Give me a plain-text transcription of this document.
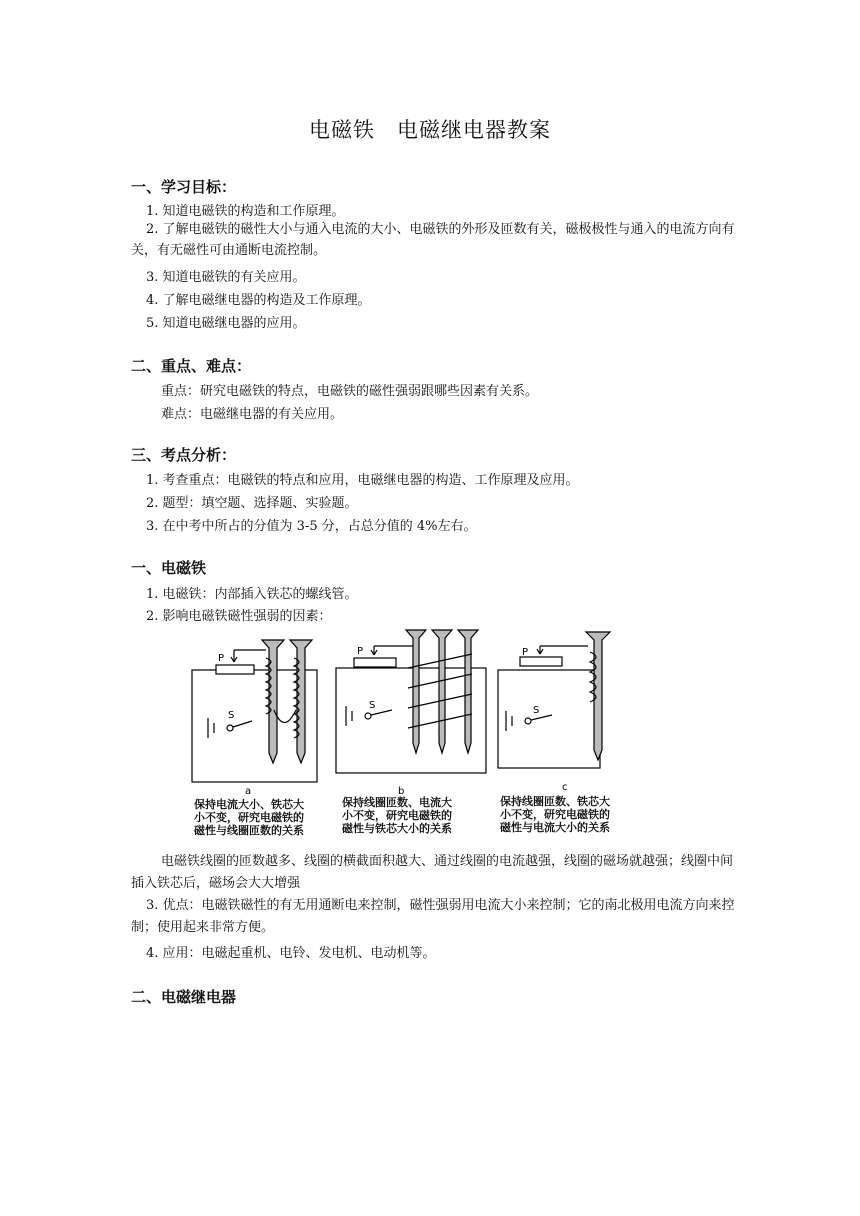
电磁铁　电磁继电器教案
一、学习目标：
1. 知道电磁铁的构造和工作原理。
2. 了解电磁铁的磁性大小与通入电流的大小、电磁铁的外形及匝数有关，磁极极性与通入的电流方向有关，有无磁性可由通断电流控制。
3. 知道电磁铁的有关应用。
4. 了解电磁继电器的构造及工作原理。
5. 知道电磁继电器的应用。
二、重点、难点：
重点：研究电磁铁的特点，电磁铁的磁性强弱跟哪些因素有关系。
难点：电磁继电器的有关应用。
三、考点分析：
1. 考查重点：电磁铁的特点和应用，电磁继电器的构造、工作原理及应用。
2. 题型：填空题、选择题、实验题。
3. 在中考中所占的分值为 3-5 分，占总分值的 4%左右。
一、电磁铁
1. 电磁铁：内部插入铁芯的螺线管。
2. 影响电磁铁磁性强弱的因素：
P
S
P
S
P
S
a	b	c
保持电流大小、铁芯大
小不变，研究电磁铁的
磁性与线圈匝数的关系
保持线圈匝数、电流大
小不变，研究电磁铁的
磁性与铁芯大小的关系
保持线圈匝数、铁芯大
小不变，研究电磁铁的
磁性与电流大小的关系
电磁铁线圈的匝数越多、线圈的横截面积越大、通过线圈的电流越强，线圈的磁场就越强；线圈中间插入铁芯后，磁场会大大增强
3. 优点：电磁铁磁性的有无用通断电来控制，磁性强弱用电流大小来控制；它的南北极用电流方向来控制；使用起来非常方便。
4. 应用：电磁起重机、电铃、发电机、电动机等。
二、电磁继电器
